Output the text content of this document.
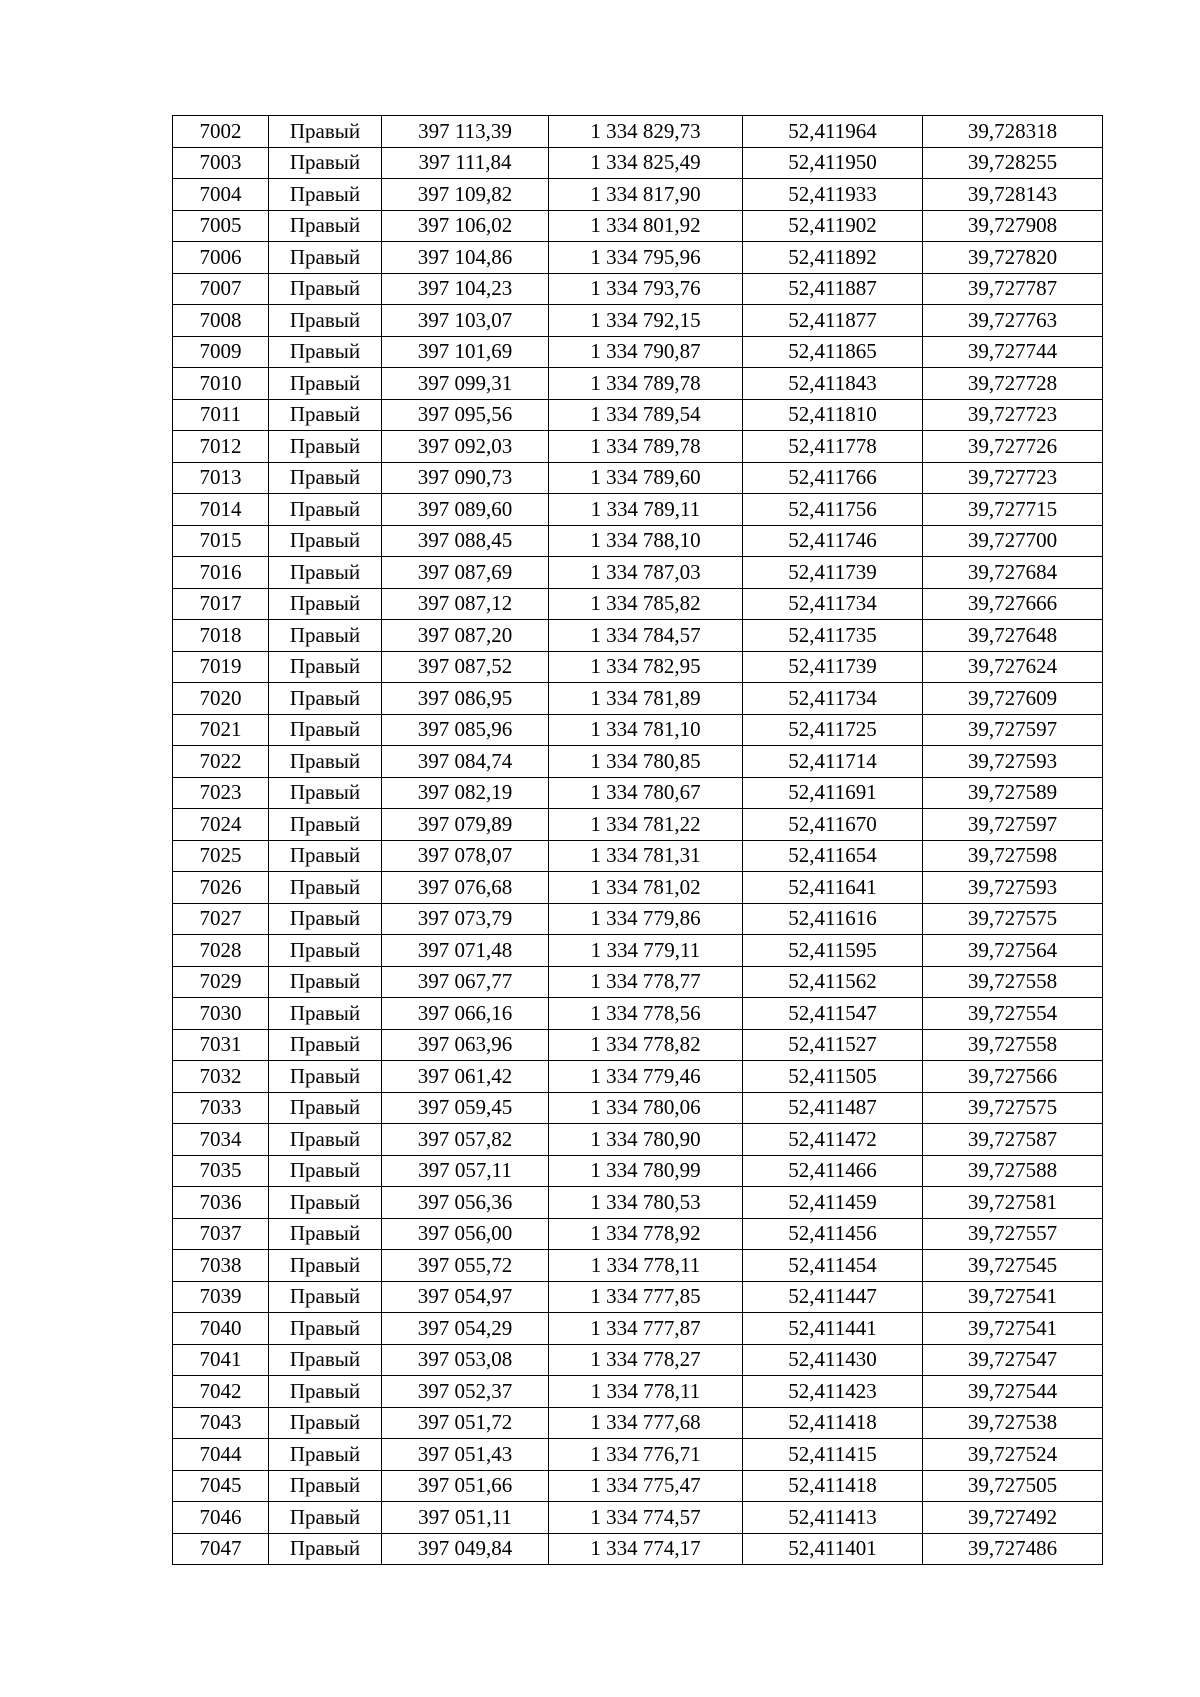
7002	Правый	397 113,39	1 334 829,73	52,411964	39,728318
7003	Правый	397 111,84	1 334 825,49	52,411950	39,728255
7004	Правый	397 109,82	1 334 817,90	52,411933	39,728143
7005	Правый	397 106,02	1 334 801,92	52,411902	39,727908
7006	Правый	397 104,86	1 334 795,96	52,411892	39,727820
7007	Правый	397 104,23	1 334 793,76	52,411887	39,727787
7008	Правый	397 103,07	1 334 792,15	52,411877	39,727763
7009	Правый	397 101,69	1 334 790,87	52,411865	39,727744
7010	Правый	397 099,31	1 334 789,78	52,411843	39,727728
7011	Правый	397 095,56	1 334 789,54	52,411810	39,727723
7012	Правый	397 092,03	1 334 789,78	52,411778	39,727726
7013	Правый	397 090,73	1 334 789,60	52,411766	39,727723
7014	Правый	397 089,60	1 334 789,11	52,411756	39,727715
7015	Правый	397 088,45	1 334 788,10	52,411746	39,727700
7016	Правый	397 087,69	1 334 787,03	52,411739	39,727684
7017	Правый	397 087,12	1 334 785,82	52,411734	39,727666
7018	Правый	397 087,20	1 334 784,57	52,411735	39,727648
7019	Правый	397 087,52	1 334 782,95	52,411739	39,727624
7020	Правый	397 086,95	1 334 781,89	52,411734	39,727609
7021	Правый	397 085,96	1 334 781,10	52,411725	39,727597
7022	Правый	397 084,74	1 334 780,85	52,411714	39,727593
7023	Правый	397 082,19	1 334 780,67	52,411691	39,727589
7024	Правый	397 079,89	1 334 781,22	52,411670	39,727597
7025	Правый	397 078,07	1 334 781,31	52,411654	39,727598
7026	Правый	397 076,68	1 334 781,02	52,411641	39,727593
7027	Правый	397 073,79	1 334 779,86	52,411616	39,727575
7028	Правый	397 071,48	1 334 779,11	52,411595	39,727564
7029	Правый	397 067,77	1 334 778,77	52,411562	39,727558
7030	Правый	397 066,16	1 334 778,56	52,411547	39,727554
7031	Правый	397 063,96	1 334 778,82	52,411527	39,727558
7032	Правый	397 061,42	1 334 779,46	52,411505	39,727566
7033	Правый	397 059,45	1 334 780,06	52,411487	39,727575
7034	Правый	397 057,82	1 334 780,90	52,411472	39,727587
7035	Правый	397 057,11	1 334 780,99	52,411466	39,727588
7036	Правый	397 056,36	1 334 780,53	52,411459	39,727581
7037	Правый	397 056,00	1 334 778,92	52,411456	39,727557
7038	Правый	397 055,72	1 334 778,11	52,411454	39,727545
7039	Правый	397 054,97	1 334 777,85	52,411447	39,727541
7040	Правый	397 054,29	1 334 777,87	52,411441	39,727541
7041	Правый	397 053,08	1 334 778,27	52,411430	39,727547
7042	Правый	397 052,37	1 334 778,11	52,411423	39,727544
7043	Правый	397 051,72	1 334 777,68	52,411418	39,727538
7044	Правый	397 051,43	1 334 776,71	52,411415	39,727524
7045	Правый	397 051,66	1 334 775,47	52,411418	39,727505
7046	Правый	397 051,11	1 334 774,57	52,411413	39,727492
7047	Правый	397 049,84	1 334 774,17	52,411401	39,727486
